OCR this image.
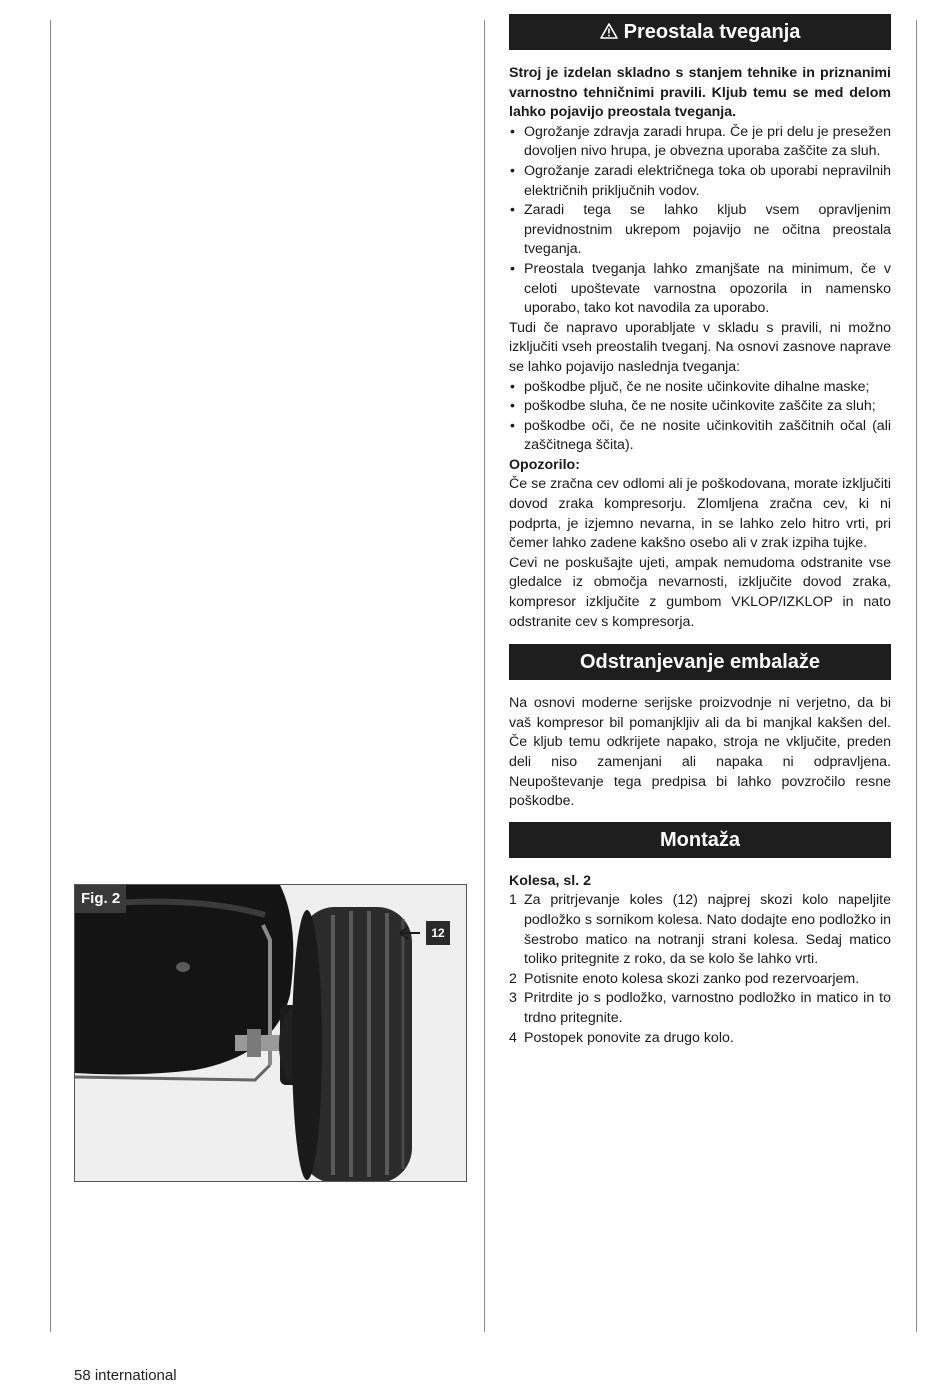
Fig. 2
12
Preostala tveganja

Stroj je izdelan skladno s stanjem tehnike in priznanimi varnostno tehničnimi pravili. Kljub temu se med delom lahko pojavijo preostala tveganja.

• Ogrožanje zdravja zaradi hrupa. Če je pri delu je presežen dovoljen nivo hrupa, je obvezna uporaba zaščite za sluh.
• Ogrožanje zaradi električnega toka ob uporabi nepravilnih električnih priključnih vodov.
• Zaradi tega se lahko kljub vsem opravljenim previdnostnim ukrepom pojavijo ne očitna preostala tveganja.
• Preostala tveganja lahko zmanjšate na minimum, če v celoti upoštevate varnostna opozorila in namensko uporabo, tako kot navodila za uporabo.

Tudi če napravo uporabljate v skladu s pravili, ni možno izključiti vseh preostalih tveganj. Na osnovi zasnove naprave se lahko pojavijo naslednja tveganja:

• poškodbe pljuč, če ne nosite učinkovite dihalne maske;
• poškodbe sluha, če ne nosite učinkovite zaščite za sluh;
• poškodbe oči, če ne nosite učinkovitih zaščitnih očal (ali zaščitnega ščita).

Opozorilo:

Če se zračna cev odlomi ali je poškodovana, morate izključiti dovod zraka kompresorju. Zlomljena zračna cev, ki ni podprta, je izjemno nevarna, in se lahko zelo hitro vrti, pri čemer lahko zadene kakšno osebo ali v zrak izpiha tujke.

Cevi ne poskušajte ujeti, ampak nemudoma odstranite vse gledalce iz območja nevarnosti, izključite dovod zraka, kompresor izključite z gumbom VKLOP/IZKLOP in nato odstranite cev s kompresorja.

Odstranjevanje embalaže

Na osnovi moderne serijske proizvodnje ni verjetno, da bi vaš kompresor bil pomanjkljiv ali da bi manjkal kakšen del. Če kljub temu odkrijete napako, stroja ne vključite, preden deli niso zamenjani ali napaka ni odpravljena. Neupoštevanje tega predpisa bi lahko povzročilo resne poškodbe.

Montaža

Kolesa, sl. 2

1 Za pritrjevanje koles (12) najprej skozi kolo napeljite podložko s sornikom kolesa. Nato dodajte eno podložko in šestrobo matico na notranji strani kolesa. Sedaj matico toliko pritegnite z roko, da se kolo še lahko vrti.
2 Potisnite enoto kolesa skozi zanko pod rezervoarjem.
3 Pritrdite jo s podložko, varnostno podložko in matico in to trdno pritegnite.
4 Postopek ponovite za drugo kolo.
58 international
